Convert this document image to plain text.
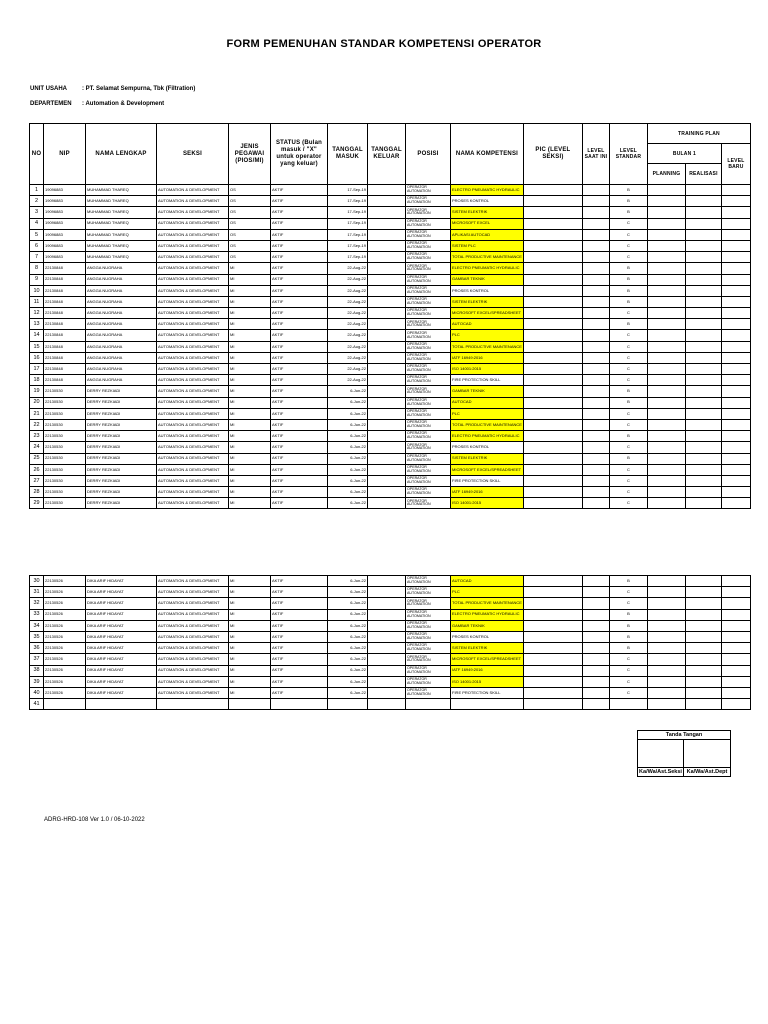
FORM PEMENUHAN STANDAR KOMPETENSI OPERATOR
UNIT USAHA	: PT. Selamat Sempurna, Tbk (Filtration)
DEPARTEMEN : Automation & Development
NO	NIP	NAMA LENGKAP	SEKSI	JENIS PEGAWAI (PIOS/MI)	STATUS (Bulan masuk / "X" untuk operator yang keluar)	TANGGAL MASUK	TANGGAL KELUAR	POSISI	NAMA KOMPETENSI	PIC (LEVEL SEKSI)	LEVEL SAAT INI	LEVEL STANDAR	TRAINING PLAN		
													BULAN 1		LEVEL BARU
													PLANNING	REALISASI	
1	19096883	MUHAMMAD THAREQ	AUTOMATION & DEVELOPMENT	OS	AKTIF	17-Sep-19		OPERATOR AUTOMATION	ELECTRO PNEUMATIC HYDRAULIC			B			
2	19096883	MUHAMMAD THAREQ	AUTOMATION & DEVELOPMENT	OS	AKTIF	17-Sep-19		OPERATOR AUTOMATION	PROSES KONTROL			B			
3	19096883	MUHAMMAD THAREQ	AUTOMATION & DEVELOPMENT	OS	AKTIF	17-Sep-19		OPERATOR AUTOMATION	SISTEM ELEKTRIK			B			
4	19096883	MUHAMMAD THAREQ	AUTOMATION & DEVELOPMENT	OS	AKTIF	17-Sep-19		OPERATOR AUTOMATION	MICROSOFT EXCEL			C			
5	19096883	MUHAMMAD THAREQ	AUTOMATION & DEVELOPMENT	OS	AKTIF	17-Sep-19		OPERATOR AUTOMATION	APLIKASI AUTOCAD			C			
6	19096883	MUHAMMAD THAREQ	AUTOMATION & DEVELOPMENT	OS	AKTIF	17-Sep-19		OPERATOR AUTOMATION	SISTEM PLC			C			
7	19096883	MUHAMMAD THAREQ	AUTOMATION & DEVELOPMENT	OS	AKTIF	17-Sep-19		OPERATOR AUTOMATION	TOTAL PRODUCTIVE MAINTENANCE			C			
8	22130848	ANGGA NUGRAHA	AUTOMATION & DEVELOPMENT	MI	AKTIF	22-Aug-22		OPERATOR AUTOMATION	ELECTRO PNEUMATIC HYDRAULIC			B			
9	22130848	ANGGA NUGRAHA	AUTOMATION & DEVELOPMENT	MI	AKTIF	22-Aug-22		OPERATOR AUTOMATION	GAMBAR TEKNIK			B			
10	22130848	ANGGA NUGRAHA	AUTOMATION & DEVELOPMENT	MI	AKTIF	22-Aug-22		OPERATOR AUTOMATION	PROSES KONTROL			B			
11	22130848	ANGGA NUGRAHA	AUTOMATION & DEVELOPMENT	MI	AKTIF	22-Aug-22		OPERATOR AUTOMATION	SISTEM ELEKTRIK			B			
12	22130848	ANGGA NUGRAHA	AUTOMATION & DEVELOPMENT	MI	AKTIF	22-Aug-22		OPERATOR AUTOMATION	MICROSOFT EXCEL/SPREADSHEET			C			
13	22130848	ANGGA NUGRAHA	AUTOMATION & DEVELOPMENT	MI	AKTIF	22-Aug-22		OPERATOR AUTOMATION	AUTOCAD			B			
14	22130848	ANGGA NUGRAHA	AUTOMATION & DEVELOPMENT	MI	AKTIF	22-Aug-22		OPERATOR AUTOMATION	PLC			C			
15	22130848	ANGGA NUGRAHA	AUTOMATION & DEVELOPMENT	MI	AKTIF	22-Aug-22		OPERATOR AUTOMATION	TOTAL PRODUCTIVE MAINTENANCE			C			
16	22130848	ANGGA NUGRAHA	AUTOMATION & DEVELOPMENT	MI	AKTIF	22-Aug-22		OPERATOR AUTOMATION	IATF 16949:2016			C			
17	22130848	ANGGA NUGRAHA	AUTOMATION & DEVELOPMENT	MI	AKTIF	22-Aug-22		OPERATOR AUTOMATION	ISO 14001:2015			C			
18	22130848	ANGGA NUGRAHA	AUTOMATION & DEVELOPMENT	MI	AKTIF	22-Aug-22		OPERATOR AUTOMATION	FIRE PROTECTION SKILL			C			
19	22130530	DERRY REZKIADI	AUTOMATION & DEVELOPMENT	MI	AKTIF	6-Jun-22		OPERATOR AUTOMATION	GAMBAR TEKNIK			B			
20	22130530	DERRY REZKIADI	AUTOMATION & DEVELOPMENT	MI	AKTIF	6-Jun-22		OPERATOR AUTOMATION	AUTOCAD			B			
21	22130530	DERRY REZKIADI	AUTOMATION & DEVELOPMENT	MI	AKTIF	6-Jun-22		OPERATOR AUTOMATION	PLC			C			
22	22130530	DERRY REZKIADI	AUTOMATION & DEVELOPMENT	MI	AKTIF	6-Jun-22		OPERATOR AUTOMATION	TOTAL PRODUCTIVE MAINTENANCE			C			
23	22130530	DERRY REZKIADI	AUTOMATION & DEVELOPMENT	MI	AKTIF	6-Jun-22		OPERATOR AUTOMATION	ELECTRO PNEUMATIC HYDRAULIC			B			
24	22130530	DERRY REZKIADI	AUTOMATION & DEVELOPMENT	MI	AKTIF	6-Jun-22		OPERATOR AUTOMATION	PROSES KONTROL			C			
25	22130530	DERRY REZKIADI	AUTOMATION & DEVELOPMENT	MI	AKTIF	6-Jun-22		OPERATOR AUTOMATION	SISTEM ELEKTRIK			B			
26	22130530	DERRY REZKIADI	AUTOMATION & DEVELOPMENT	MI	AKTIF	6-Jun-22		OPERATOR AUTOMATION	MICROSOFT EXCEL/SPREADSHEET			C			
27	22130530	DERRY REZKIADI	AUTOMATION & DEVELOPMENT	MI	AKTIF	6-Jun-22		OPERATOR AUTOMATION	FIRE PROTECTION SKILL			C			
28	22130530	DERRY REZKIADI	AUTOMATION & DEVELOPMENT	MI	AKTIF	6-Jun-22		OPERATOR AUTOMATION	IATF 16949:2016			C			
29	22130530	DERRY REZKIADI	AUTOMATION & DEVELOPMENT	MI	AKTIF	6-Jun-22		OPERATOR AUTOMATION	ISO 14001:2015			C			
30	22130526	DIKA ARIF HIDAYAT	AUTOMATION & DEVELOPMENT	MI	AKTIF	6-Jun-22		OPERATOR AUTOMATION	AUTOCAD			B			
31	22130526	DIKA ARIF HIDAYAT	AUTOMATION & DEVELOPMENT	MI	AKTIF	6-Jun-22		OPERATOR AUTOMATION	PLC			C			
32	22130526	DIKA ARIF HIDAYAT	AUTOMATION & DEVELOPMENT	MI	AKTIF	6-Jun-22		OPERATOR AUTOMATION	TOTAL PRODUCTIVE MAINTENANCE			C			
33	22130526	DIKA ARIF HIDAYAT	AUTOMATION & DEVELOPMENT	MI	AKTIF	6-Jun-22		OPERATOR AUTOMATION	ELECTRO PNEUMATIC HYDRAULIC			B			
34	22130526	DIKA ARIF HIDAYAT	AUTOMATION & DEVELOPMENT	MI	AKTIF	6-Jun-22		OPERATOR AUTOMATION	GAMBAR TEKNIK			B			
35	22130526	DIKA ARIF HIDAYAT	AUTOMATION & DEVELOPMENT	MI	AKTIF	6-Jun-22		OPERATOR AUTOMATION	PROSES KONTROL			B			
36	22130526	DIKA ARIF HIDAYAT	AUTOMATION & DEVELOPMENT	MI	AKTIF	6-Jun-22		OPERATOR AUTOMATION	SISTEM ELEKTRIK			B			
37	22130526	DIKA ARIF HIDAYAT	AUTOMATION & DEVELOPMENT	MI	AKTIF	6-Jun-22		OPERATOR AUTOMATION	MICROSOFT EXCEL/SPREADSHEET			C			
38	22130526	DIKA ARIF HIDAYAT	AUTOMATION & DEVELOPMENT	MI	AKTIF	6-Jun-22		OPERATOR AUTOMATION	IATF 16949:2016			C			
39	22130526	DIKA ARIF HIDAYAT	AUTOMATION & DEVELOPMENT	MI	AKTIF	6-Jun-22		OPERATOR AUTOMATION	ISO 14001:2015			C			
40	22130526	DIKA ARIF HIDAYAT	AUTOMATION & DEVELOPMENT	MI	AKTIF	6-Jun-22		OPERATOR AUTOMATION	FIRE PROTECTION SKILL			C			
41															
Tanda Tangan	

Ka/Wa/Ast.Seksi	Ka/Wa/Ast.Dept
ADRG-HRD-108 Ver 1.0 / 06-10-2022
